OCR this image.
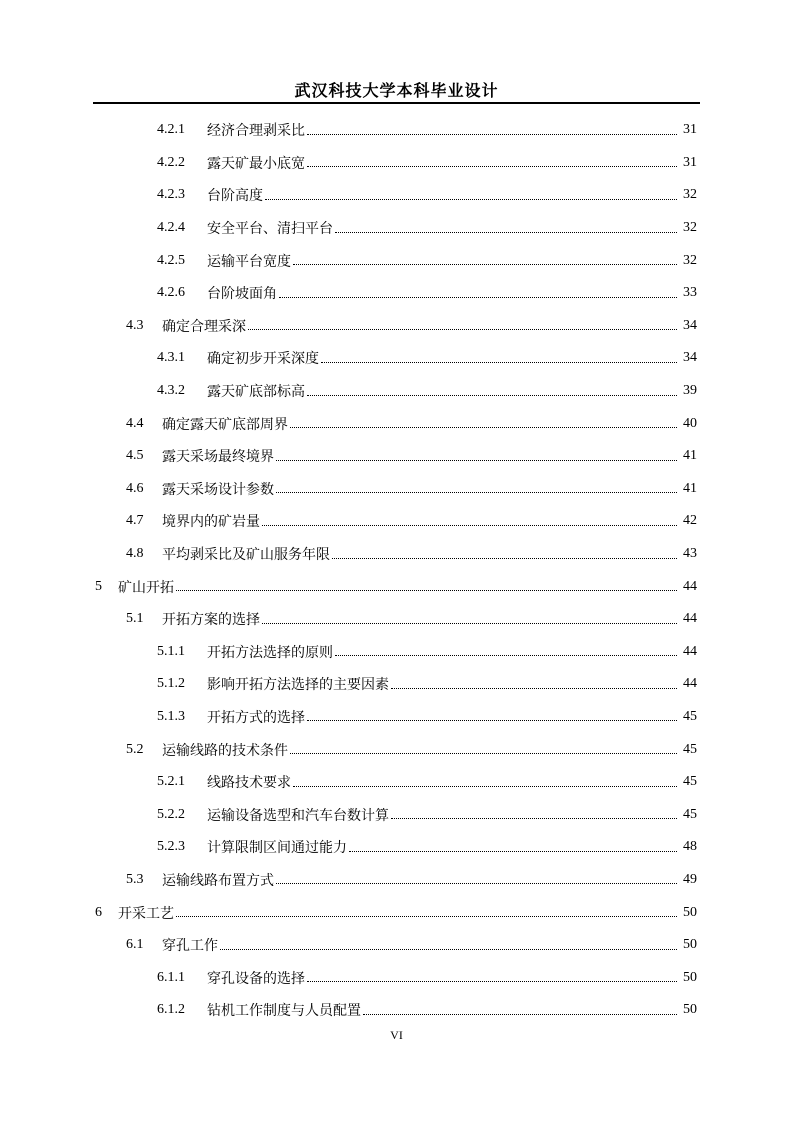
武汉科技大学本科毕业设计
4.2.1	经济合理剥采比	31
4.2.2	露天矿最小底宽	31
4.2.3	台阶高度	32
4.2.4	安全平台、清扫平台	32
4.2.5	运输平台宽度	32
4.2.6	台阶坡面角	33
4.3	确定合理采深	34
4.3.1	确定初步开采深度	34
4.3.2	露天矿底部标高	39
4.4	确定露天矿底部周界	40
4.5	露天采场最终境界	41
4.6	露天采场设计参数	41
4.7	境界内的矿岩量	42
4.8	平均剥采比及矿山服务年限	43
5	矿山开拓	44
5.1	开拓方案的选择	44
5.1.1	开拓方法选择的原则	44
5.1.2	影响开拓方法选择的主要因素	44
5.1.3	开拓方式的选择	45
5.2	运输线路的技术条件	45
5.2.1	线路技术要求	45
5.2.2	运输设备选型和汽车台数计算	45
5.2.3	计算限制区间通过能力	48
5.3	运输线路布置方式	49
6	开采工艺	50
6.1	穿孔工作	50
6.1.1	穿孔设备的选择	50
6.1.2	钻机工作制度与人员配置	50
VI
